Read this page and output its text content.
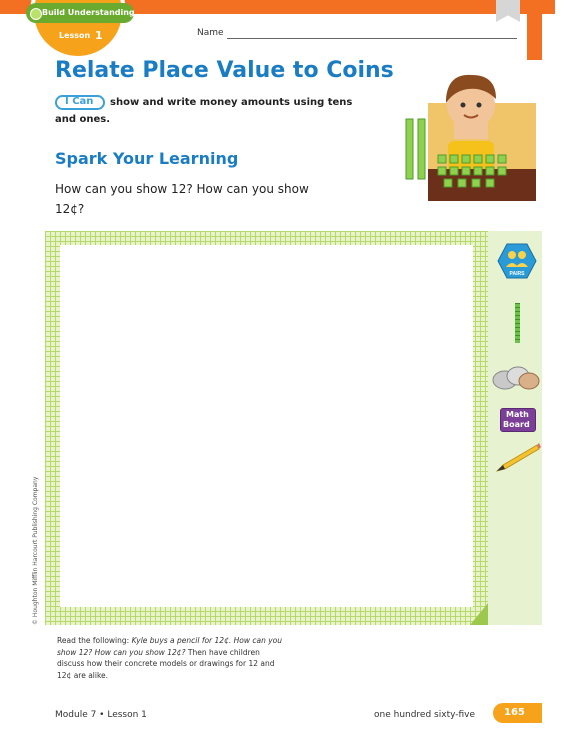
Build Understanding
Lesson 1	Name
Relate Place Value to Coins
I Can show and write money amounts using tens
and ones.
Spark Your Learning
How can you show 12? How can you show 12¢?
PAIRS
Math
Board
© Houghton Mifflin Harcourt Publishing Company
Read the following: Kyle buys a pencil for 12¢. How can you show 12? How can you show 12¢? Then have children discuss how their concrete models or drawings for 12 and 12¢ are alike.
Module 7 • Lesson 1	one hundred sixty-five	165
